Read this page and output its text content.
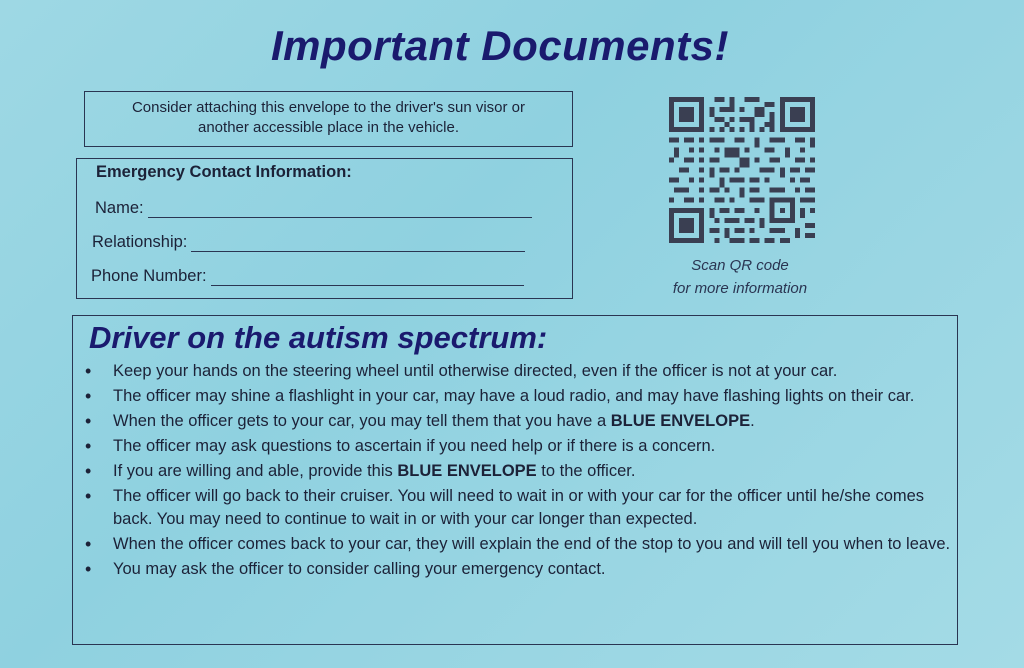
Important Documents!
Consider attaching this envelope to the driver's sun visor or
another accessible place in the vehicle.
Emergency Contact Information:
Name:
Relationship:
Phone Number:
Scan QR code
for more information
Driver on the autism spectrum:
• Keep your hands on the steering wheel until otherwise directed, even if the officer is not at your car.
• The officer may shine a flashlight in your car, may have a loud radio, and may have flashing lights on their car.
• When the officer gets to your car, you may tell them that you have a BLUE ENVELOPE.
• The officer may ask questions to ascertain if you need help or if there is a concern.
• If you are willing and able, provide this BLUE ENVELOPE to the officer.
• The officer will go back to their cruiser. You will need to wait in or with your car for the officer until he/she comes back. You may need to continue to wait in or with your car longer than expected.
• When the officer comes back to your car, they will explain the end of the stop to you and will tell you when to leave.
• You may ask the officer to consider calling your emergency contact.
